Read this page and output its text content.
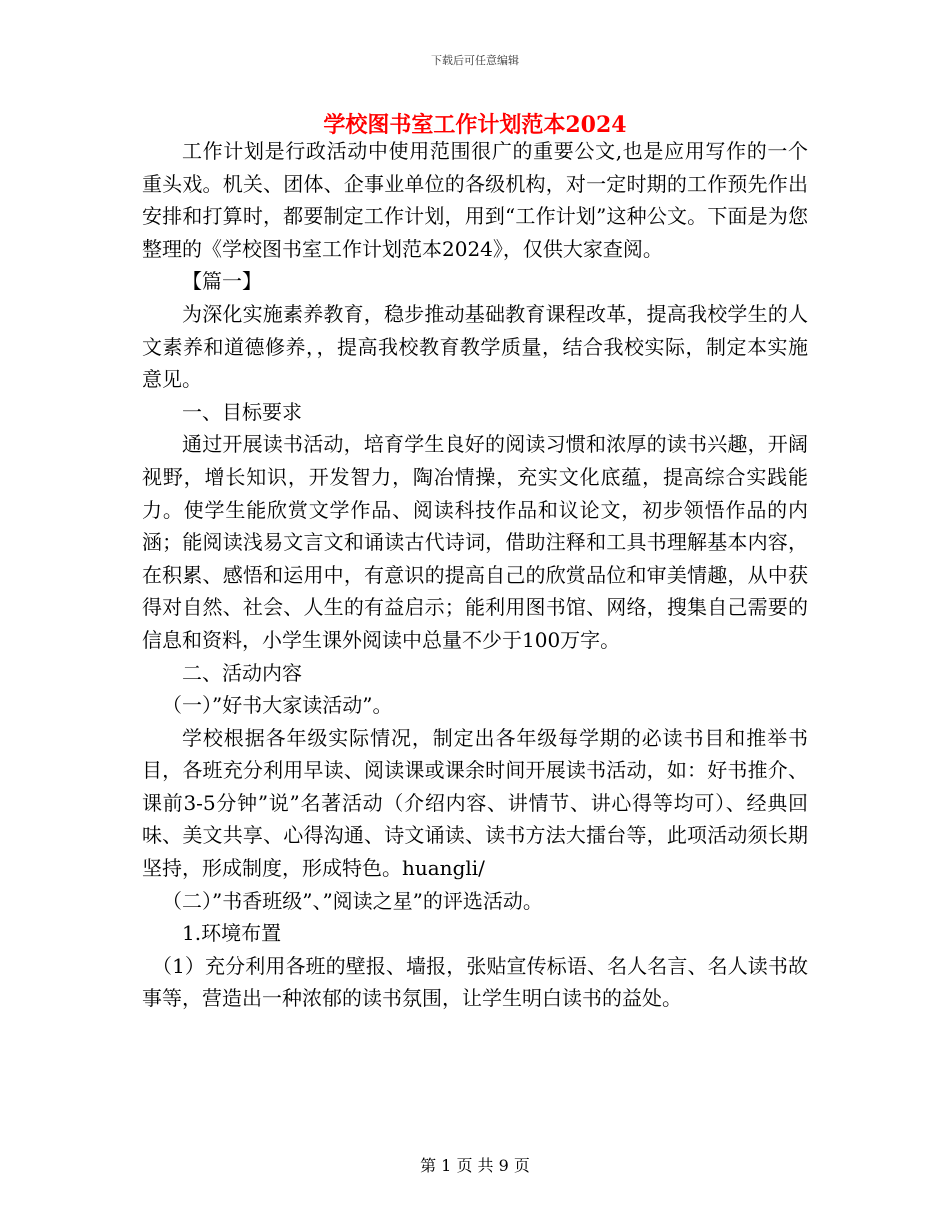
下载后可任意编辑
学校图书室工作计划范本2024

工作计划是行政活动中使用范围很广的重要公文,也是应用写作的一个重头戏。机关、团体、企事业单位的各级机构，对一定时期的工作预先作出安排和打算时，都要制定工作计划，用到“工作计划”这种公文。下面是为您整理的《学校图书室工作计划范本2024》，仅供大家查阅。

【篇一】

为深化实施素养教育，稳步推动基础教育课程改革，提高我校学生的人文素养和道德修养，，提高我校教育教学质量，结合我校实际，制定本实施意见。

一、目标要求

通过开展读书活动，培育学生良好的阅读习惯和浓厚的读书兴趣，开阔视野，增长知识，开发智力，陶冶情操，充实文化底蕴，提高综合实践能力。使学生能欣赏文学作品、阅读科技作品和议论文，初步领悟作品的内涵；能阅读浅易文言文和诵读古代诗词，借助注释和工具书理解基本内容，在积累、感悟和运用中，有意识的提高自己的欣赏品位和审美情趣，从中获得对自然、社会、人生的有益启示；能利用图书馆、网络，搜集自己需要的信息和资料，小学生课外阅读中总量不少于100万字。

二、活动内容

（一）”好书大家读活动”。

学校根据各年级实际情况，制定出各年级每学期的必读书目和推举书目，各班充分利用早读、阅读课或课余时间开展读书活动，如：好书推介、课前3-5分钟”说”名著活动（介绍内容、讲情节、讲心得等均可）、经典回味、美文共享、心得沟通、诗文诵读、读书方法大擂台等，此项活动须长期坚持，形成制度，形成特色。huangli/

（二）”书香班级”、”阅读之星”的评选活动。

1.环境布置

（1）充分利用各班的壁报、墙报，张贴宣传标语、名人名言、名人读书故事等，营造出一种浓郁的读书氛围，让学生明白读书的益处。

第 1 页 共 9 页
